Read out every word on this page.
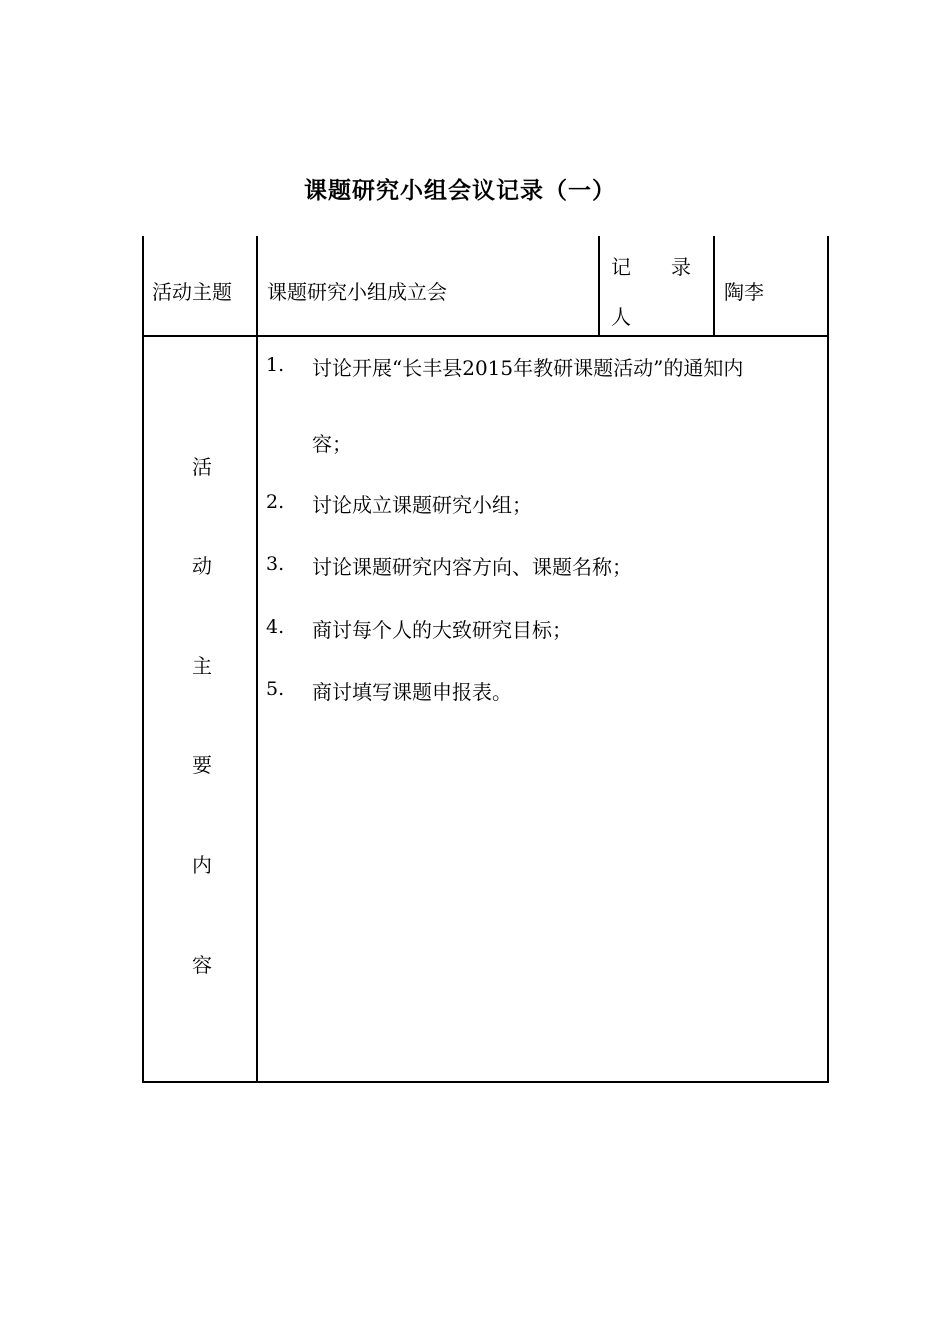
课题研究小组会议记录（一）
活动主题 课题研究小组成立会
记　　录
人
陶李
活
动
主
要
内
容
1. 讨论开展“长丰县2015年教研课题活动”的通知内
容；
2. 讨论成立课题研究小组；
3. 讨论课题研究内容方向、课题名称；
4. 商讨每个人的大致研究目标；
5. 商讨填写课题申报表。
